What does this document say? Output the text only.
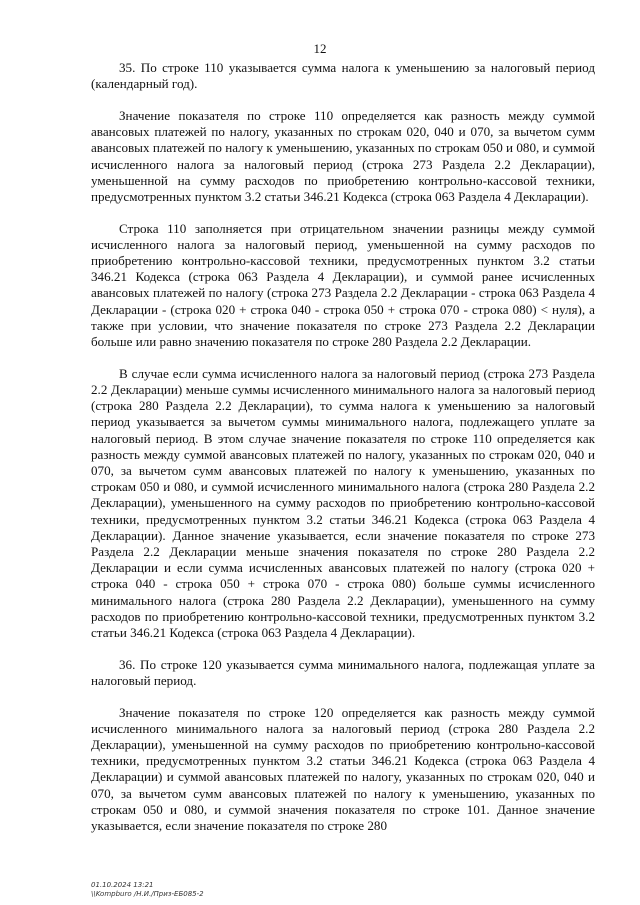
12

35. По строке 110 указывается сумма налога к уменьшению за налоговый период (календарный год).

Значение показателя по строке 110 определяется как разность между суммой авансовых платежей по налогу, указанных по строкам 020, 040 и 070, за вычетом сумм авансовых платежей по налогу к уменьшению, указанных по строкам 050 и 080, и суммой исчисленного налога за налоговый период (строка 273 Раздела 2.2 Декларации), уменьшенной на сумму расходов по приобретению контрольно-кассовой техники, предусмотренных пунктом 3.2 статьи 346.21 Кодекса (строка 063 Раздела 4 Декларации).

Строка 110 заполняется при отрицательном значении разницы между суммой исчисленного налога за налоговый период, уменьшенной на сумму расходов по приобретению контрольно-кассовой техники, предусмотренных пунктом 3.2 статьи 346.21 Кодекса (строка 063 Раздела 4 Декларации), и суммой ранее исчисленных авансовых платежей по налогу (строка 273 Раздела 2.2 Декларации - строка 063 Раздела 4 Декларации - (строка 020 + строка 040 - строка 050 + строка 070 - строка 080) < нуля), а также при условии, что значение показателя по строке 273 Раздела 2.2 Декларации больше или равно значению показателя по строке 280 Раздела 2.2 Декларации.

В случае если сумма исчисленного налога за налоговый период (строка 273 Раздела 2.2 Декларации) меньше суммы исчисленного минимального налога за налоговый период (строка 280 Раздела 2.2 Декларации), то сумма налога к уменьшению за налоговый период указывается за вычетом суммы минимального налога, подлежащего уплате за налоговый период. В этом случае значение показателя по строке 110 определяется как разность между суммой авансовых платежей по налогу, указанных по строкам 020, 040 и 070, за вычетом сумм авансовых платежей по налогу к уменьшению, указанных по строкам 050 и 080, и суммой исчисленного минимального налога (строка 280 Раздела 2.2 Декларации), уменьшенного на сумму расходов по приобретению контрольно-кассовой техники, предусмотренных пунктом 3.2 статьи 346.21 Кодекса (строка 063 Раздела 4 Декларации). Данное значение указывается, если значение показателя по строке 273 Раздела 2.2 Декларации меньше значения показателя по строке 280 Раздела 2.2 Декларации и если сумма исчисленных авансовых платежей по налогу (строка 020 + строка 040 - строка 050 + строка 070 - строка 080) больше суммы исчисленного минимального налога (строка 280 Раздела 2.2 Декларации), уменьшенного на сумму расходов по приобретению контрольно-кассовой техники, предусмотренных пунктом 3.2 статьи 346.21 Кодекса (строка 063 Раздела 4 Декларации).

36. По строке 120 указывается сумма минимального налога, подлежащая уплате за налоговый период.

Значение показателя по строке 120 определяется как разность между суммой исчисленного минимального налога за налоговый период (строка 280 Раздела 2.2 Декларации), уменьшенной на сумму расходов по приобретению контрольно-кассовой техники, предусмотренных пунктом 3.2 статьи 346.21 Кодекса (строка 063 Раздела 4 Декларации) и суммой авансовых платежей по налогу, указанных по строкам 020, 040 и 070, за вычетом сумм авансовых платежей по налогу к уменьшению, указанных по строкам 050 и 080, и суммой значения показателя по строке 101. Данное значение указывается, если значение показателя по строке 280

01.10.2024 13:21
\\Kompburo /Н.И./Приз-ЕБ085-2
